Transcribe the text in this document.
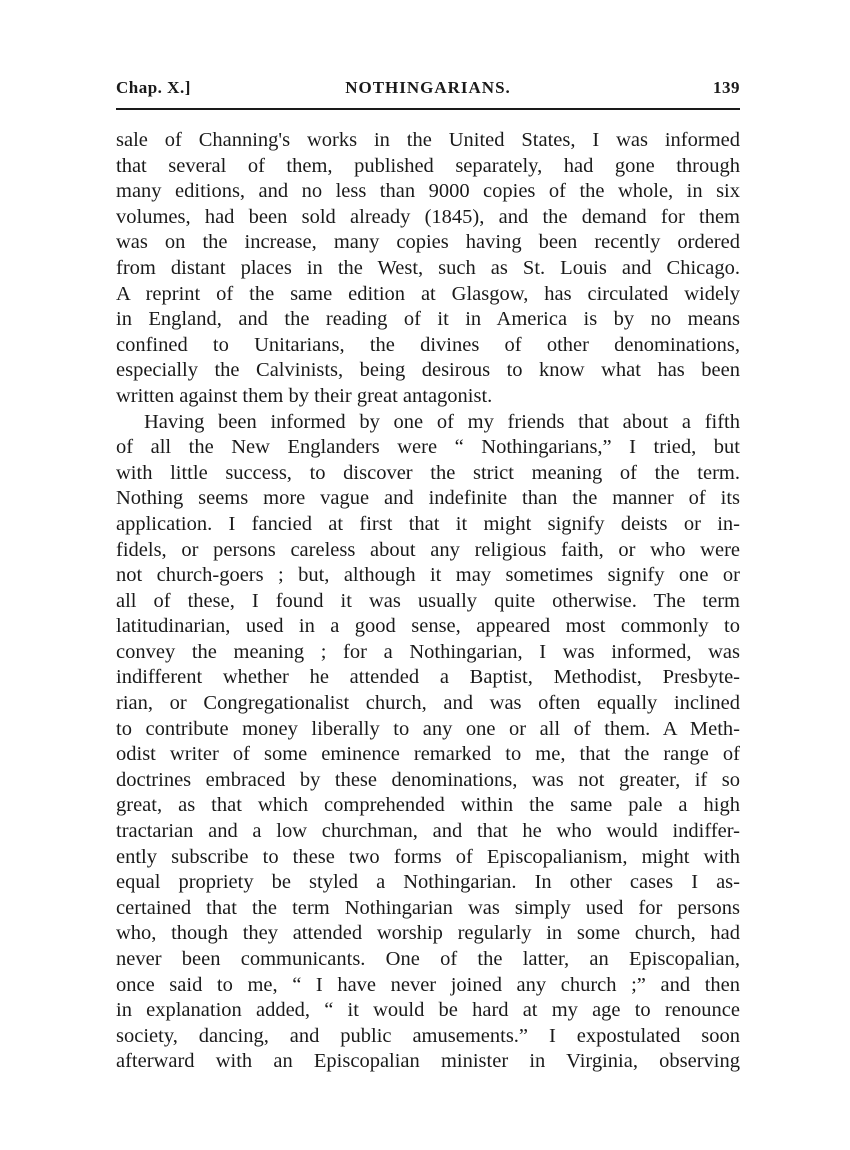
Chap. X.]	NOTHINGARIANS.	139
sale of Channing's works in the United States, I was informed
that several of them, published separately, had gone through
many editions, and no less than 9000 copies of the whole, in six
volumes, had been sold already (1845), and the demand for them
was on the increase, many copies having been recently ordered
from distant places in the West, such as St. Louis and Chicago.
A reprint of the same edition at Glasgow, has circulated widely
in England, and the reading of it in America is by no means
confined to Unitarians, the divines of other denominations,
especially the Calvinists, being desirous to know what has been
written against them by their great antagonist.
Having been informed by one of my friends that about a fifth
of all the New Englanders were “ Nothingarians,” I tried, but
with little success, to discover the strict meaning of the term.
Nothing seems more vague and indefinite than the manner of its
application. I fancied at first that it might signify deists or in-
fidels, or persons careless about any religious faith, or who were
not church-goers ; but, although it may sometimes signify one or
all of these, I found it was usually quite otherwise. The term
latitudinarian, used in a good sense, appeared most commonly to
convey the meaning ; for a Nothingarian, I was informed, was
indifferent whether he attended a Baptist, Methodist, Presbyte-
rian, or Congregationalist church, and was often equally inclined
to contribute money liberally to any one or all of them. A Meth-
odist writer of some eminence remarked to me, that the range of
doctrines embraced by these denominations, was not greater, if so
great, as that which comprehended within the same pale a high
tractarian and a low churchman, and that he who would indiffer-
ently subscribe to these two forms of Episcopalianism, might with
equal propriety be styled a Nothingarian. In other cases I as-
certained that the term Nothingarian was simply used for persons
who, though they attended worship regularly in some church, had
never been communicants. One of the latter, an Episcopalian,
once said to me, “ I have never joined any church ;” and then
in explanation added, “ it would be hard at my age to renounce
society, dancing, and public amusements.” I expostulated soon
afterward with an Episcopalian minister in Virginia, observing
